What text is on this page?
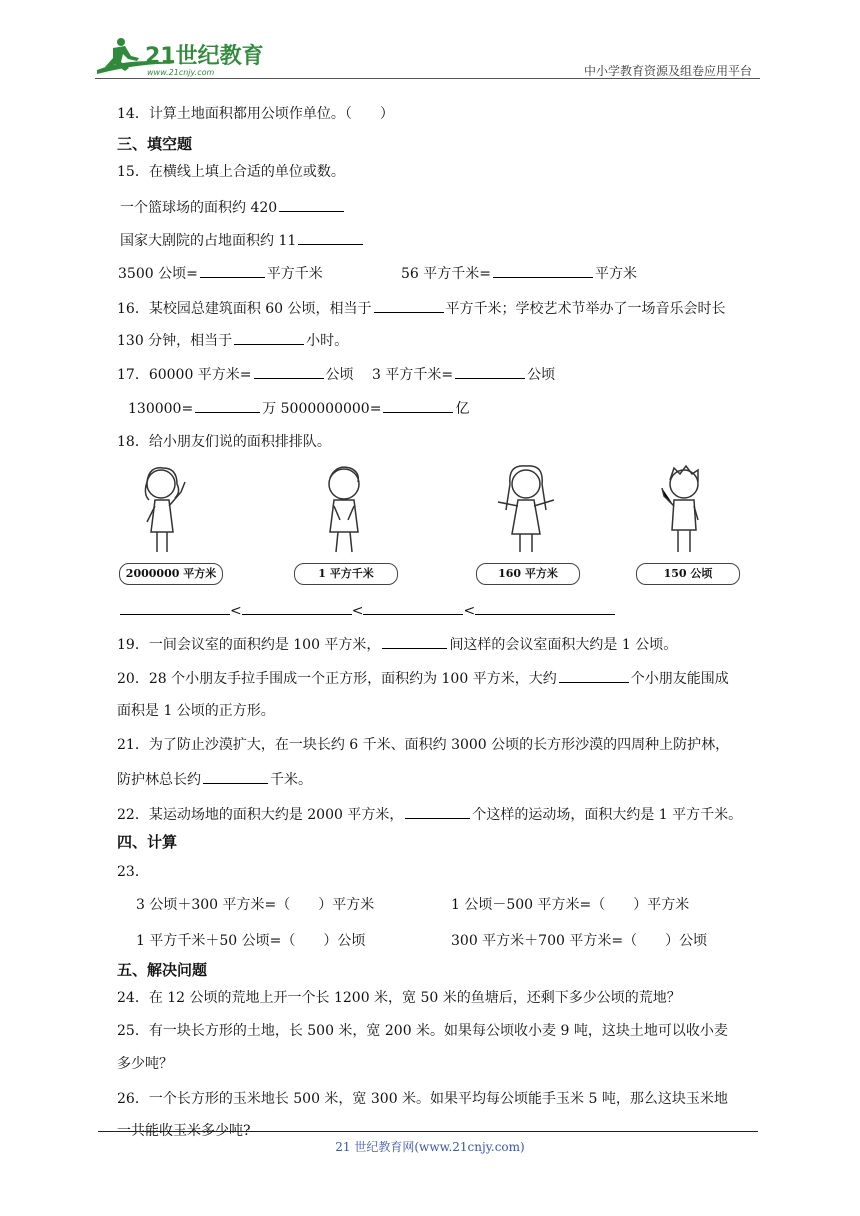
21世纪教育
www.21cnjy.com	中小学教育资源及组卷应用平台
14．计算土地面积都用公顷作单位。（　　）
三、填空题
15．在横线上填上合适的单位或数。
一个篮球场的面积约 420
国家大剧院的占地面积约 11
3500 公顷=	平方千米	56 平方千米=	平方米
16．某校园总建筑面积 60 公顷，相当于	平方千米；学校艺术节举办了一场音乐会时长
130 分钟，相当于	小时。
17．60000 平方米=	公顷 3 平方千米=	公顷
130000=	万 5000000000=	亿
18．给小朋友们说的面积排排队。
2000000 平方米	1 平方千米	160 平方米	150 公顷
<	<	<
19．一间会议室的面积约是 100 平方米，	间这样的会议室面积大约是 1 公顷。
20．28 个小朋友手拉手围成一个正方形，面积约为 100 平方米，大约	个小朋友能围成
面积是 1 公顷的正方形。
21．为了防止沙漠扩大，在一块长约 6 千米、面积约 3000 公顷的长方形沙漠的四周种上防护林，
防护林总长约	千米。
22．某运动场地的面积大约是 2000 平方米，	个这样的运动场，面积大约是 1 平方千米。
四、计算
23．
3 公顷＋300 平方米=（　　）平方米	1 公顷－500 平方米=（　　）平方米
1 平方千米＋50 公顷=（　　）公顷	300 平方米＋700 平方米=（　　）公顷
五、解决问题
24．在 12 公顷的荒地上开一个长 1200 米，宽 50 米的鱼塘后，还剩下多少公顷的荒地？
25．有一块长方形的土地，长 500 米，宽 200 米。如果每公顷收小麦 9 吨，这块土地可以收小麦
多少吨？
26．一个长方形的玉米地长 500 米，宽 300 米。如果平均每公顷能手玉米 5 吨，那么这块玉米地
一共能收玉米多少吨?
21 世纪教育网(www.21cnjy.com)
